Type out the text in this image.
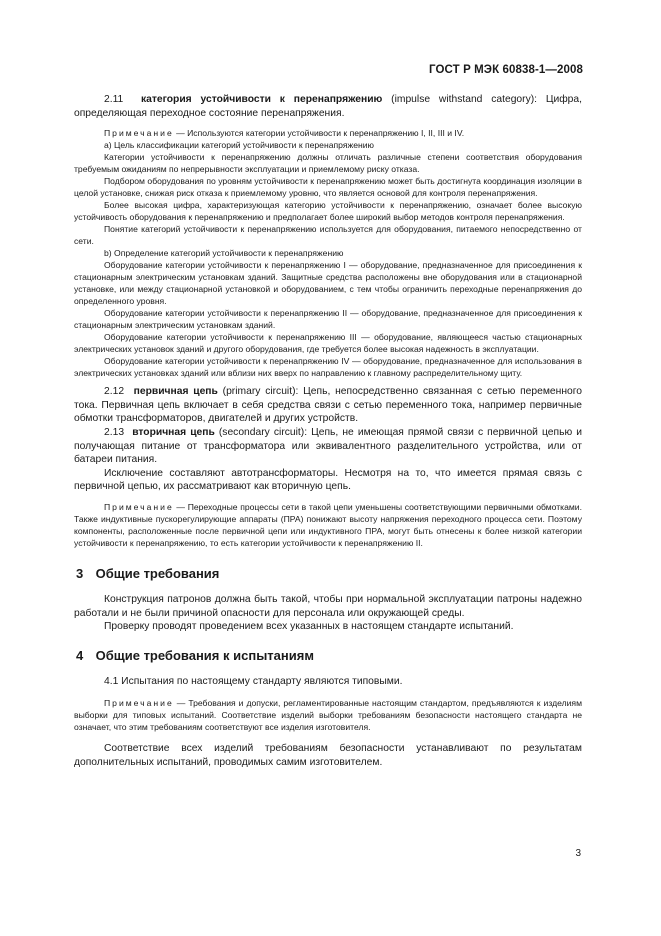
ГОСТ Р МЭК 60838-1—2008

2.11 категория устойчивости к перенапряжению (impulse withstand category): Цифра, определяющая переходное состояние перенапряжения.

Примечание — Используются категории устойчивости к перенапряжению I, II, III и IV.

а) Цель классификации категорий устойчивости к перенапряжению

Категории устойчивости к перенапряжению должны отличать различные степени соответствия оборудования требуемым ожиданиям по непрерывности эксплуатации и приемлемому риску отказа.

Подбором оборудования по уровням устойчивости к перенапряжению может быть достигнута координация изоляции в целой установке, снижая риск отказа к приемлемому уровню, что является основой для контроля перенапряжения.

Более высокая цифра, характеризующая категорию устойчивости к перенапряжению, означает более высокую устойчивость оборудования к перенапряжению и предполагает более широкий выбор методов контроля перенапряжения.

Понятие категорий устойчивости к перенапряжению используется для оборудования, питаемого непосредственно от сети.

b) Определение категорий устойчивости к перенапряжению

Оборудование категории устойчивости к перенапряжению I — оборудование, предназначенное для присоединения к стационарным электрическим установкам зданий. Защитные средства расположены вне оборудования или в стационарной установке, или между стационарной установкой и оборудованием, с тем чтобы ограничить переходные перенапряжения до определенного уровня.

Оборудование категории устойчивости к перенапряжению II — оборудование, предназначенное для присоединения к стационарным электрическим установкам зданий.

Оборудование категории устойчивости к перенапряжению III — оборудование, являющееся частью стационарных электрических установок зданий и другого оборудования, где требуется более высокая надежность в эксплуатации.

Оборудование категории устойчивости к перенапряжению IV — оборудование, предназначенное для использования в электрических установках зданий или вблизи них вверх по направлению к главному распределительному щиту.

2.12 первичная цепь (primary circuit): Цепь, непосредственно связанная с сетью переменного тока. Первичная цепь включает в себя средства связи с сетью переменного тока, например первичные обмотки трансформаторов, двигателей и других устройств.

2.13 вторичная цепь (secondary circuit): Цепь, не имеющая прямой связи с первичной цепью и получающая питание от трансформатора или эквивалентного разделительного устройства, или от батареи питания.

Исключение составляют автотрансформаторы. Несмотря на то, что имеется прямая связь с первичной цепью, их рассматривают как вторичную цепь.

Примечание — Переходные процессы сети в такой цепи уменьшены соответствующими первичными обмотками. Также индуктивные пускорегулирующие аппараты (ПРА) понижают высоту напряжения переходного процесса сети. Поэтому компоненты, расположенные после первичной цепи или индуктивного ПРА, могут быть отнесены к более низкой категории устойчивости к перенапряжению, то есть категории устойчивости к перенапряжению II.

3 Общие требования

Конструкция патронов должна быть такой, чтобы при нормальной эксплуатации патроны надежно работали и не были причиной опасности для персонала или окружающей среды.

Проверку проводят проведением всех указанных в настоящем стандарте испытаний.

4 Общие требования к испытаниям

4.1 Испытания по настоящему стандарту являются типовыми.

Примечание — Требования и допуски, регламентированные настоящим стандартом, предъявляются к изделиям выборки для типовых испытаний. Соответствие изделий выборки требованиям безопасности настоящего стандарта не означает, что этим требованиям соответствуют все изделия изготовителя.

Соответствие всех изделий требованиям безопасности устанавливают по результатам дополнительных испытаний, проводимых самим изготовителем.

3
